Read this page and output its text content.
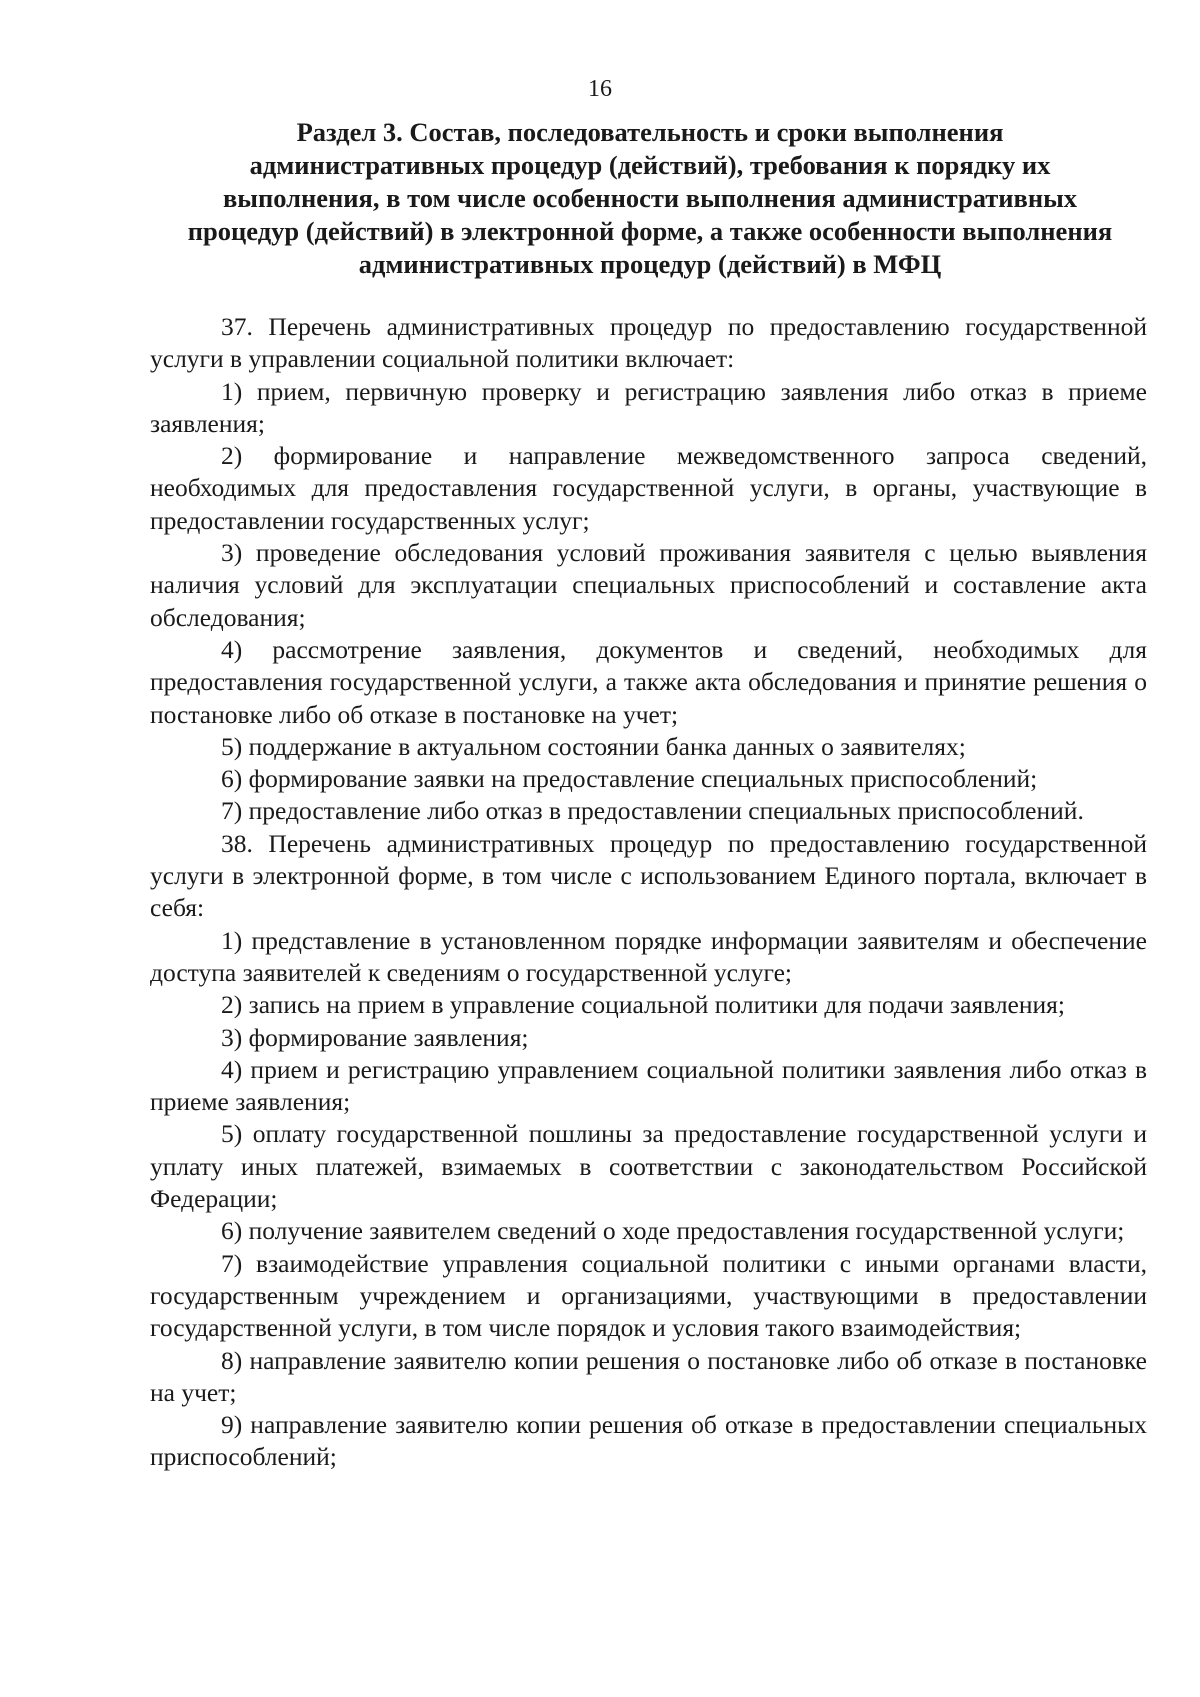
16
Раздел 3. Состав, последовательность и сроки выполнения
административных процедур (действий), требования к порядку их
выполнения, в том числе особенности выполнения административных
процедур (действий) в электронной форме, а также особенности выполнения
административных процедур (действий) в МФЦ

37. Перечень административных процедур по предоставлению государственной услуги в управлении социальной политики включает:

1) прием, первичную проверку и регистрацию заявления либо отказ в приеме заявления;

2) формирование и направление межведомственного запроса сведений, необходимых для предоставления государственной услуги, в органы, участвующие в предоставлении государственных услуг;

3) проведение обследования условий проживания заявителя с целью выявления наличия условий для эксплуатации специальных приспособлений и составление акта обследования;

4) рассмотрение заявления, документов и сведений, необходимых для предоставления государственной услуги, а также акта обследования и принятие решения о постановке либо об отказе в постановке на учет;

5) поддержание в актуальном состоянии банка данных о заявителях;

6) формирование заявки на предоставление специальных приспособлений;

7) предоставление либо отказ в предоставлении специальных приспособлений.

38. Перечень административных процедур по предоставлению государственной услуги в электронной форме, в том числе с использованием Единого портала, включает в себя:

1) представление в установленном порядке информации заявителям и обеспечение доступа заявителей к сведениям о государственной услуге;

2) запись на прием в управление социальной политики для подачи заявления;

3) формирование заявления;

4) прием и регистрацию управлением социальной политики заявления либо отказ в приеме заявления;

5) оплату государственной пошлины за предоставление государственной услуги и уплату иных платежей, взимаемых в соответствии с законодательством Российской Федерации;

6) получение заявителем сведений о ходе предоставления государственной услуги;

7) взаимодействие управления социальной политики с иными органами власти, государственным учреждением и организациями, участвующими в предоставлении государственной услуги, в том числе порядок и условия такого взаимодействия;

8) направление заявителю копии решения о постановке либо об отказе в постановке на учет;

9) направление заявителю копии решения об отказе в предоставлении специальных приспособлений;
